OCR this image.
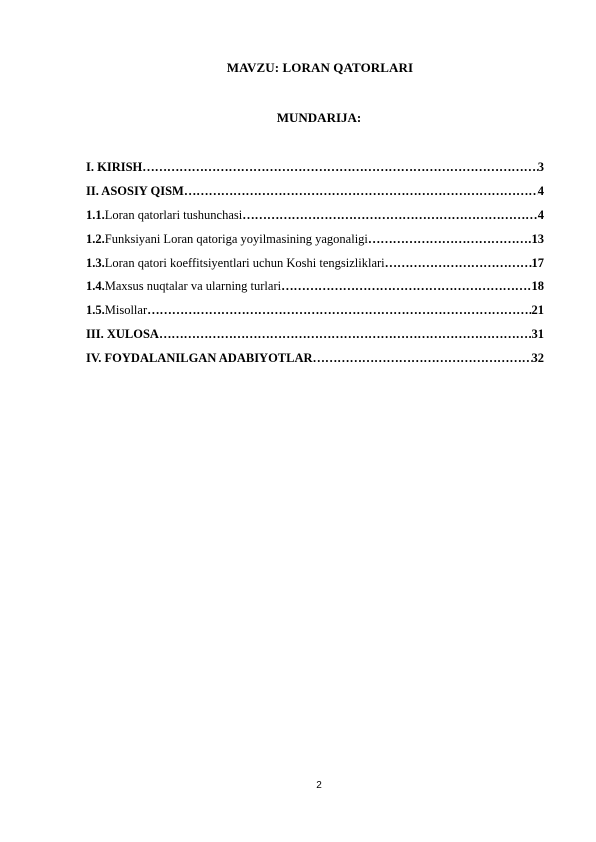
MAVZU: LORAN QATORLARI
MUNDARIJA:
I. KIRISH ……………………………………………………………………………………………………………………………………………………	3
II. ASOSIY QISM ……………………………………………………………………………………………………………………………………………………	4
1.1. Loran qatorlari tushunchasi ……………………………………………………………………………………………………………………………………………………	4
1.2. Funksiyani Loran qatoriga yoyilmasining yagonaligi ……………………………………………………………………………………………………………………………………………………	13
1.3. Loran qatori koeffitsiyentlari uchun Koshi tengsizliklari ……………………………………………………………………………………………………………………………………………………	17
1.4. Maxsus nuqtalar va ularning turlari ……………………………………………………………………………………………………………………………………………………	18
1.5. Misollar ……………………………………………………………………………………………………………………………………………………	21
III. XULOSA ……………………………………………………………………………………………………………………………………………………	31
IV. FOYDALANILGAN ADABIYOTLAR ……………………………………………………………………………………………………………………………………………………	32
2
